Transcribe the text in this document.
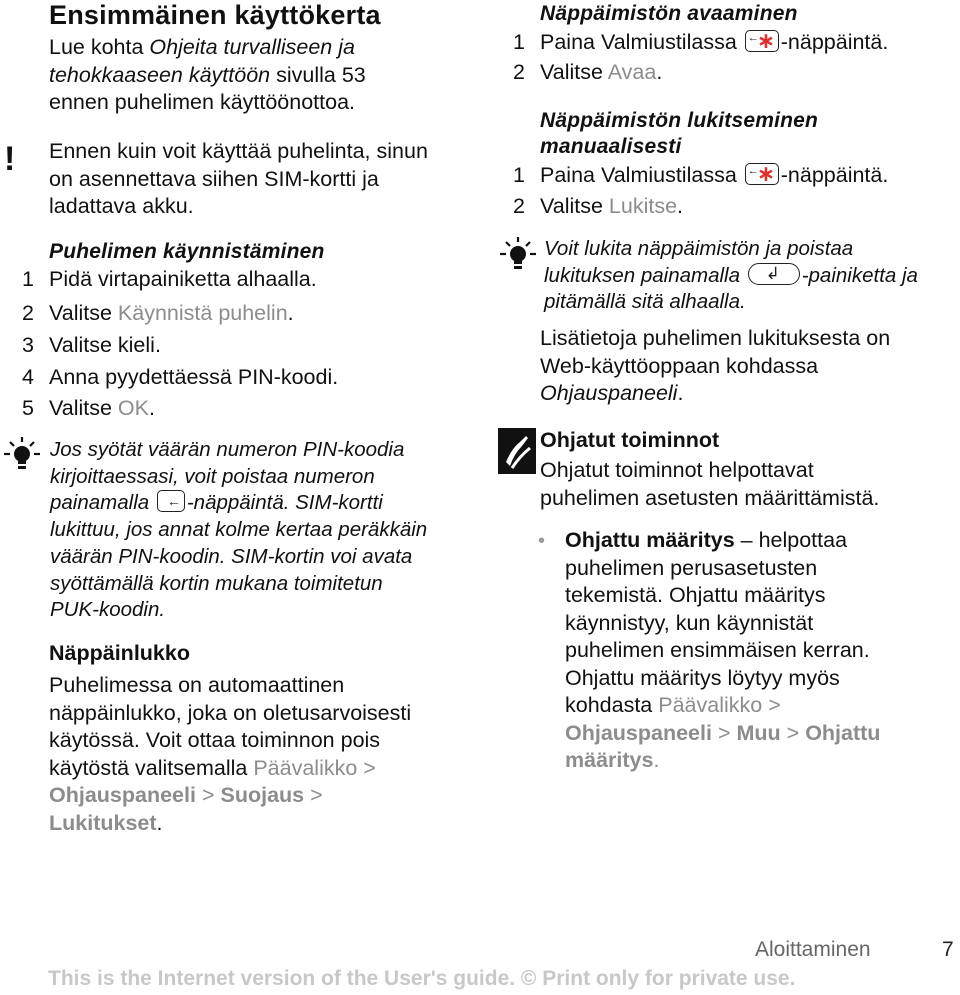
Ensimmäinen käyttökerta
Lue kohta Ohjeita turvalliseen ja
tehokkaaseen käyttöön sivulla 53
ennen puhelimen käyttöönottoa.
! Ennen kuin voit käyttää puhelinta, sinun
on asennettava siihen SIM-kortti ja
ladattava akku.
Puhelimen käynnistäminen
1 Pidä virtapainiketta alhaalla.
2 Valitse Käynnistä puhelin.
3 Valitse kieli.
4 Anna pyydettäessä PIN-koodi.
5 Valitse OK.
Jos syötät väärän numeron PIN-koodia
kirjoittaessasi, voit poistaa numeron
painamalla ←-näppäintä. SIM-kortti
lukittuu, jos annat kolme kertaa peräkkäin
väärän PIN-koodin. SIM-kortin voi avata
syöttämällä kortin mukana toimitetun
PUK-koodin.
Näppäinlukko
Puhelimessa on automaattinen
näppäinlukko, joka on oletusarvoisesti
käytössä. Voit ottaa toiminnon pois
käytöstä valitsemalla Päävalikko >
Ohjauspaneeli > Suojaus >
Lukitukset.
Näppäimistön avaaminen
1 Paina Valmiustilassa ← ∗-näppäintä.
2 Valitse Avaa.
Näppäimistön lukitseminen
manuaalisesti
1 Paina Valmiustilassa ← ∗-näppäintä.
2 Valitse Lukitse.
Voit lukita näppäimistön ja poistaa
lukituksen painamalla ↲	-painiketta ja
pitämällä sitä alhaalla.
Lisätietoja puhelimen lukituksesta on
Web-käyttöoppaan kohdassa
Ohjauspaneeli.
Ohjatut toiminnot
Ohjatut toiminnot helpottavat
puhelimen asetusten määrittämistä.
• Ohjattu määritys – helpottaa
puhelimen perusasetusten
tekemistä. Ohjattu määritys
käynnistyy, kun käynnistät
puhelimen ensimmäisen kerran.
Ohjattu määritys löytyy myös
kohdasta Päävalikko >
Ohjauspaneeli > Muu > Ohjattu
määritys.
Aloittaminen	7
This is the Internet version of the User's guide. © Print only for private use.
